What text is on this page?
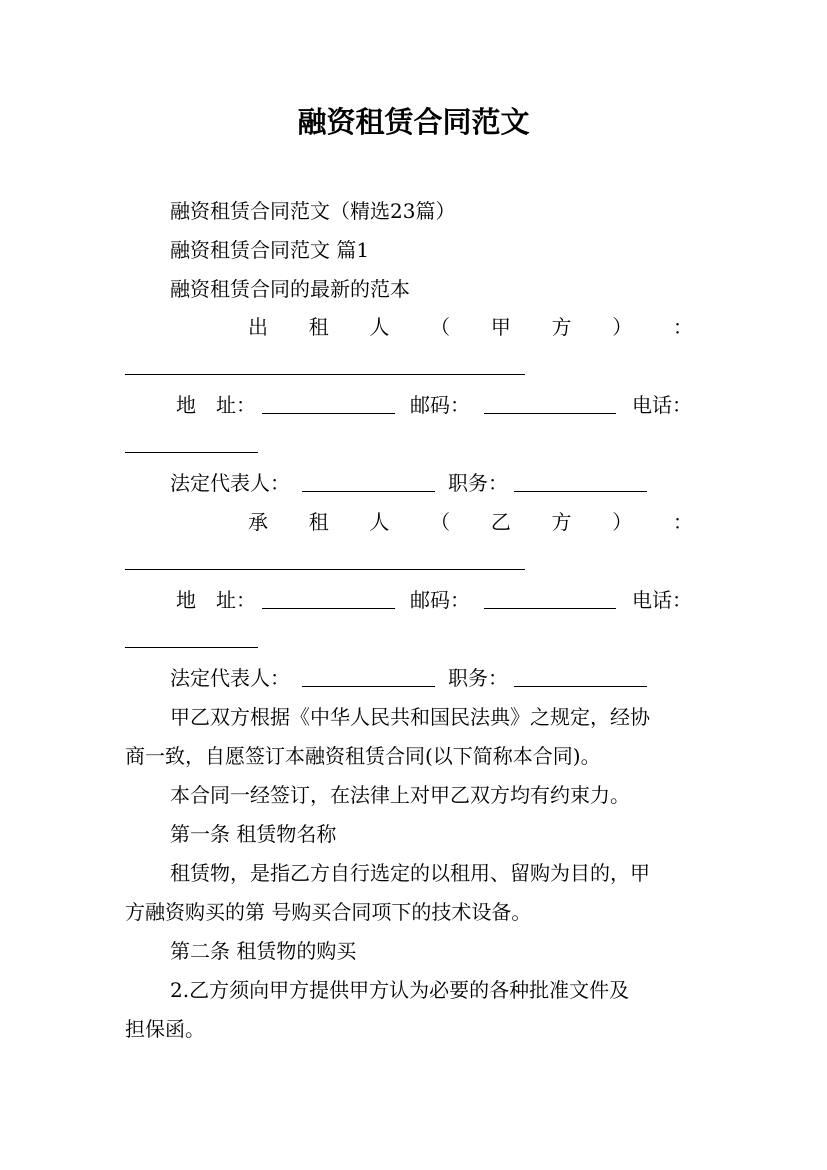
融资租赁合同范文
融资租赁合同范文（精选23篇）
融资租赁合同范文 篇1
融资租赁合同的最新的范本
出 租 人 （ 甲 方 ） ：
地　址：	邮码：	电话：
法定代表人：	职务：
承 租 人 （ 乙 方 ） ：
地　址：	邮码：	电话：
法定代表人：	职务：
甲乙双方根据《中华人民共和国民法典》之规定，经协
商一致，自愿签订本融资租赁合同(以下简称本合同)。
本合同一经签订，在法律上对甲乙双方均有约束力。
第一条 租赁物名称
租赁物，是指乙方自行选定的以租用、留购为目的，甲
方融资购买的第 号购买合同项下的技术设备。
第二条 租赁物的购买
2.乙方须向甲方提供甲方认为必要的各种批准文件及
担保函。
